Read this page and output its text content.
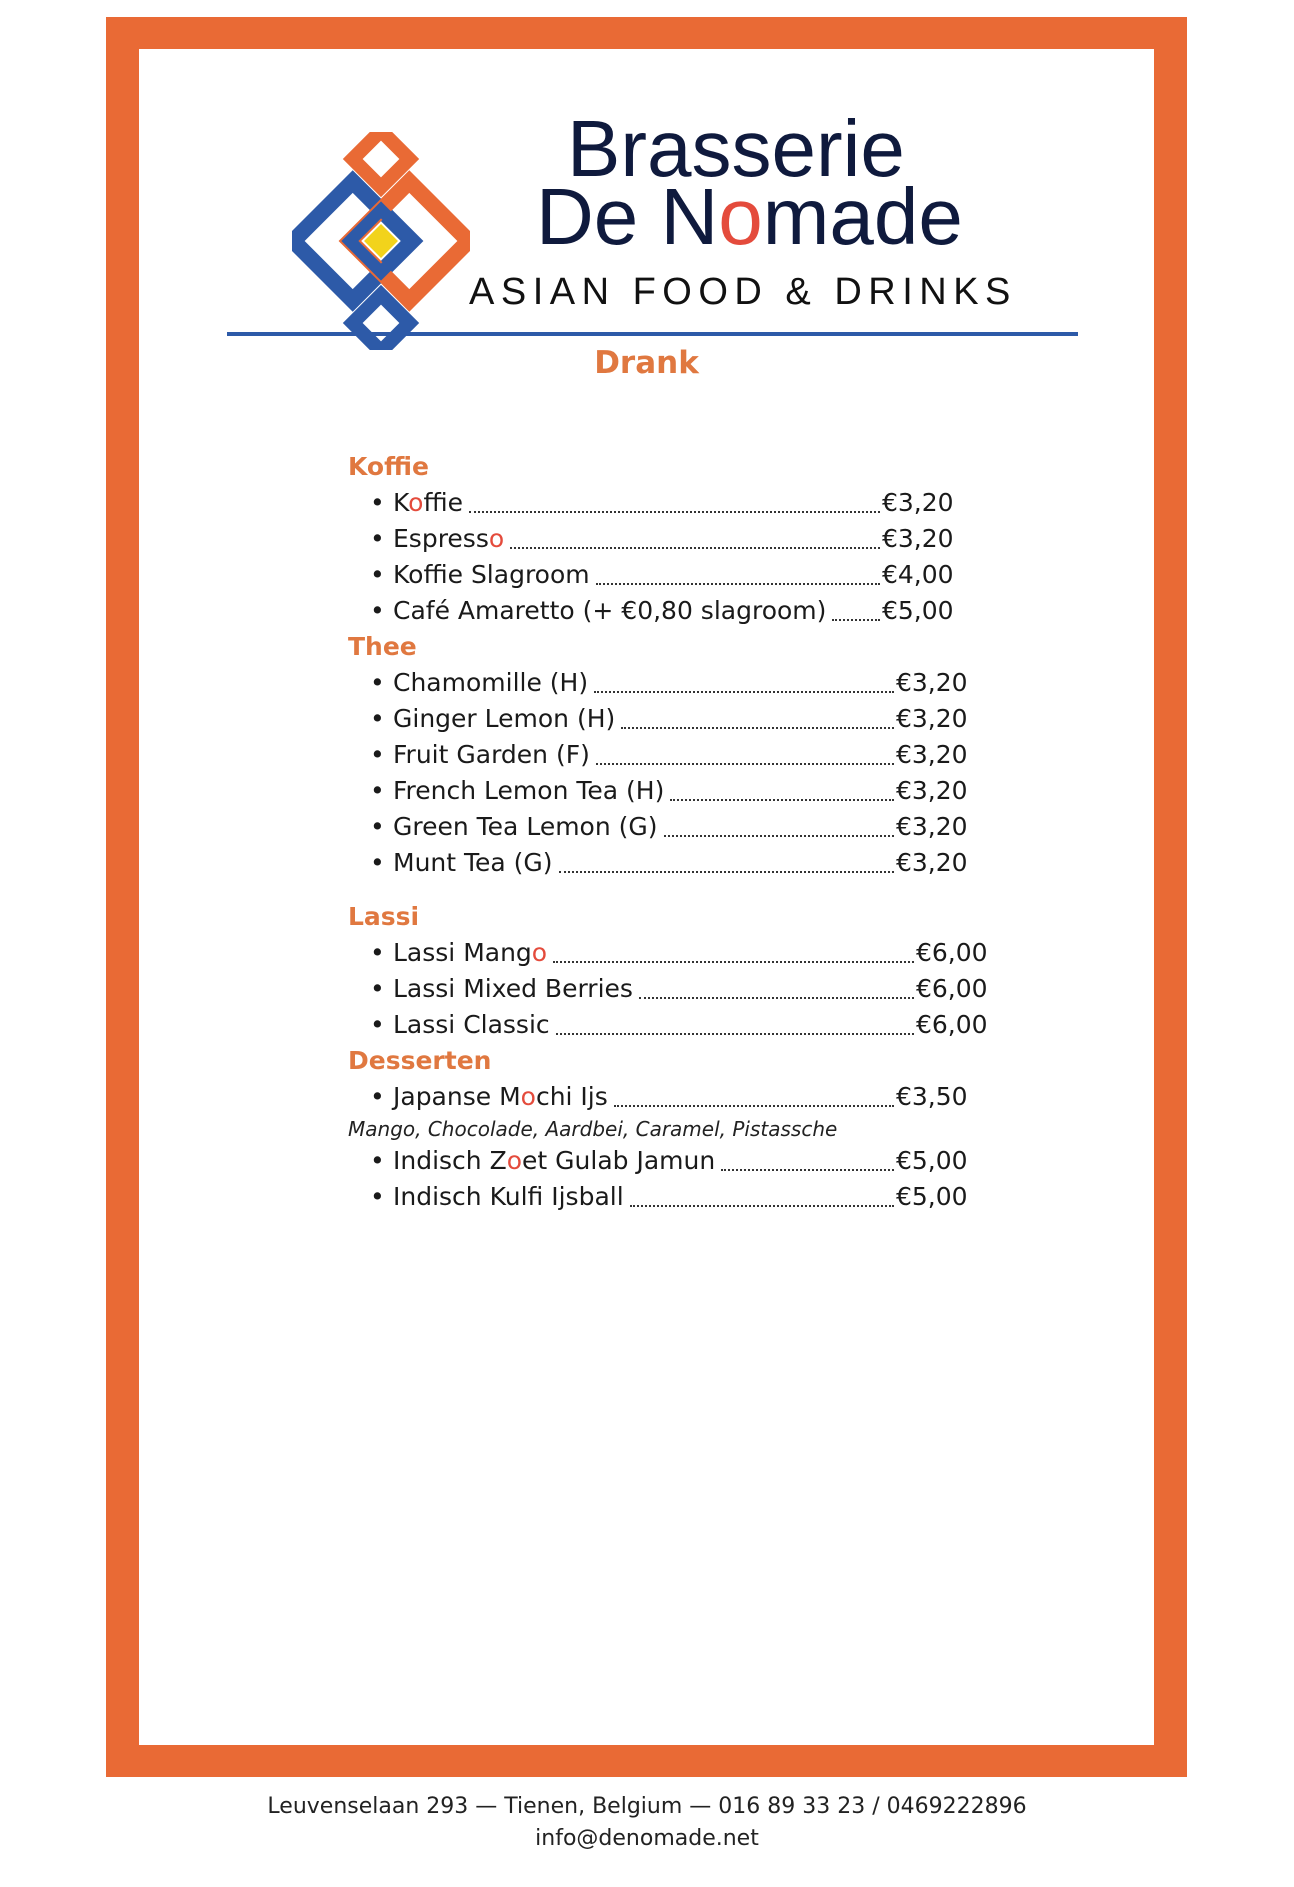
Brasserie
De Nomade
ASIAN FOOD & DRINKS
Drank
Koffie
• Koffie	€3,20
• Espresso	€3,20
• Koffie Slagroom	€4,00
• Café Amaretto (+ €0,80 slagroom) €5,00
Thee
• Chamomille (H)	€3,20
• Ginger Lemon (H)	€3,20
• Fruit Garden (F)	€3,20
• French Lemon Tea (H)	€3,20
• Green Tea Lemon (G)	€3,20
• Munt Tea (G)	€3,20
Lassi
• Lassi Mango	€6,00
• Lassi Mixed Berries	€6,00
• Lassi Classic	€6,00
Desserten
• Japanse Mochi Ijs	€3,50
Mango, Chocolade, Aardbei, Caramel, Pistassche
• Indisch Zoet Gulab Jamun	€5,00
• Indisch Kulfi Ijsball	€5,00
Leuvenselaan 293 — Tienen, Belgium — 016 89 33 23 / 0469222896
info@denomade.net
